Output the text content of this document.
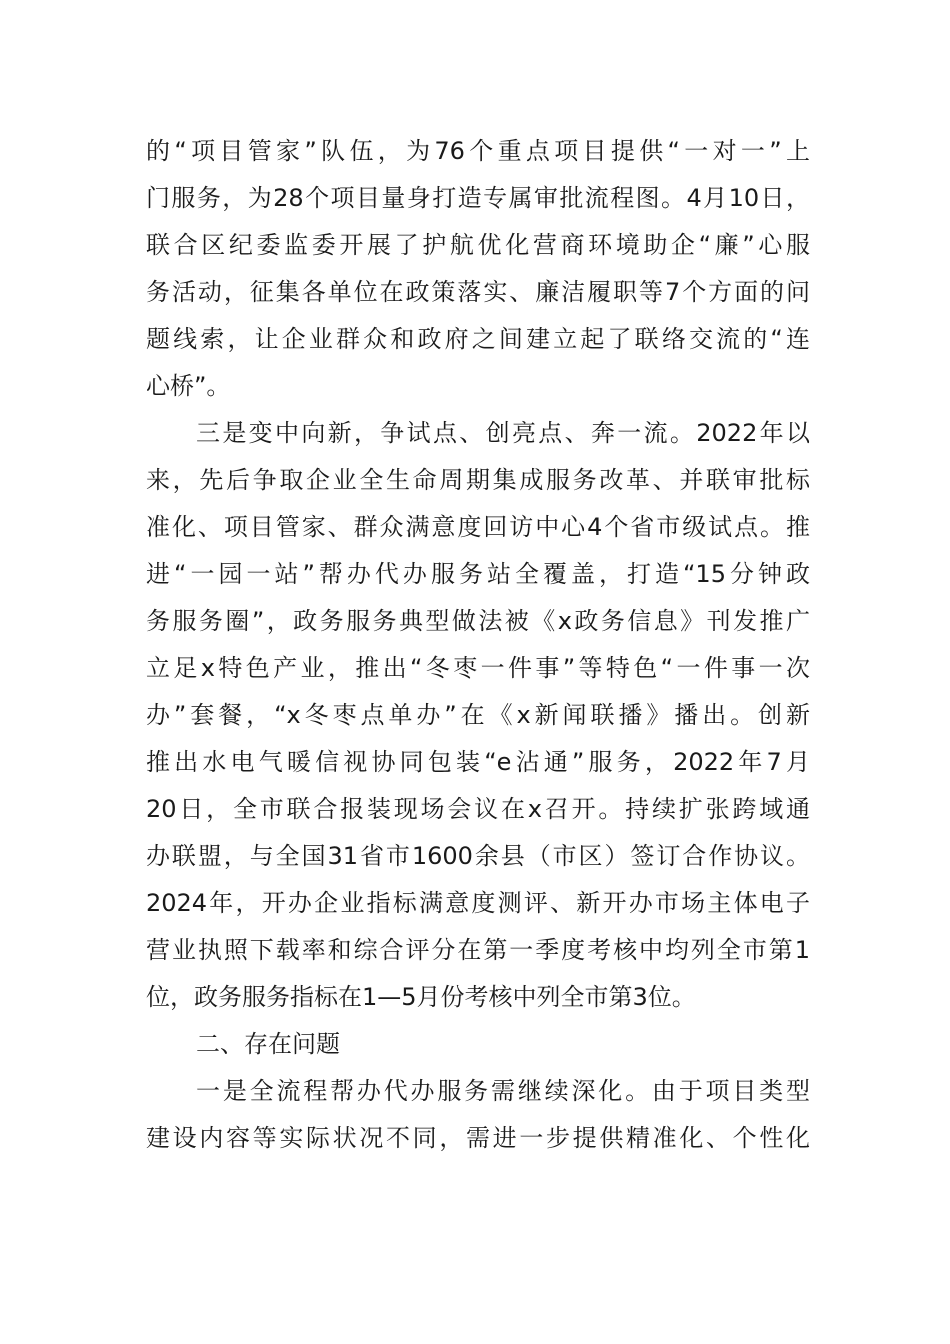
的“项目管家”队伍，为76个重点项目提供“一对一”上
门服务，为28个项目量身打造专属审批流程图。4月10日，
联合区纪委监委开展了护航优化营商环境助企“廉”心服
务活动，征集各单位在政策落实、廉洁履职等7个方面的问
题线索，让企业群众和政府之间建立起了联络交流的“连
心桥”。
三是变中向新，争试点、创亮点、奔一流。2022年以
来，先后争取企业全生命周期集成服务改革、并联审批标
准化、项目管家、群众满意度回访中心4个省市级试点。推
进“一园一站”帮办代办服务站全覆盖，打造“15分钟政
务服务圈”，政务服务典型做法被《x政务信息》刊发推广
立足x特色产业，推出“冬枣一件事”等特色“一件事一次
办”套餐，“x冬枣点单办”在《x新闻联播》播出。创新
推出水电气暖信视协同包装“e沾通”服务，2022年7月
20日，全市联合报装现场会议在x召开。持续扩张跨域通
办联盟，与全国31省市1600余县（市区）签订合作协议。
2024年，开办企业指标满意度测评、新开办市场主体电子
营业执照下载率和综合评分在第一季度考核中均列全市第1
位，政务服务指标在1—5月份考核中列全市第3位。
二、存在问题
一是全流程帮办代办服务需继续深化。由于项目类型
建设内容等实际状况不同，需进一步提供精准化、个性化
